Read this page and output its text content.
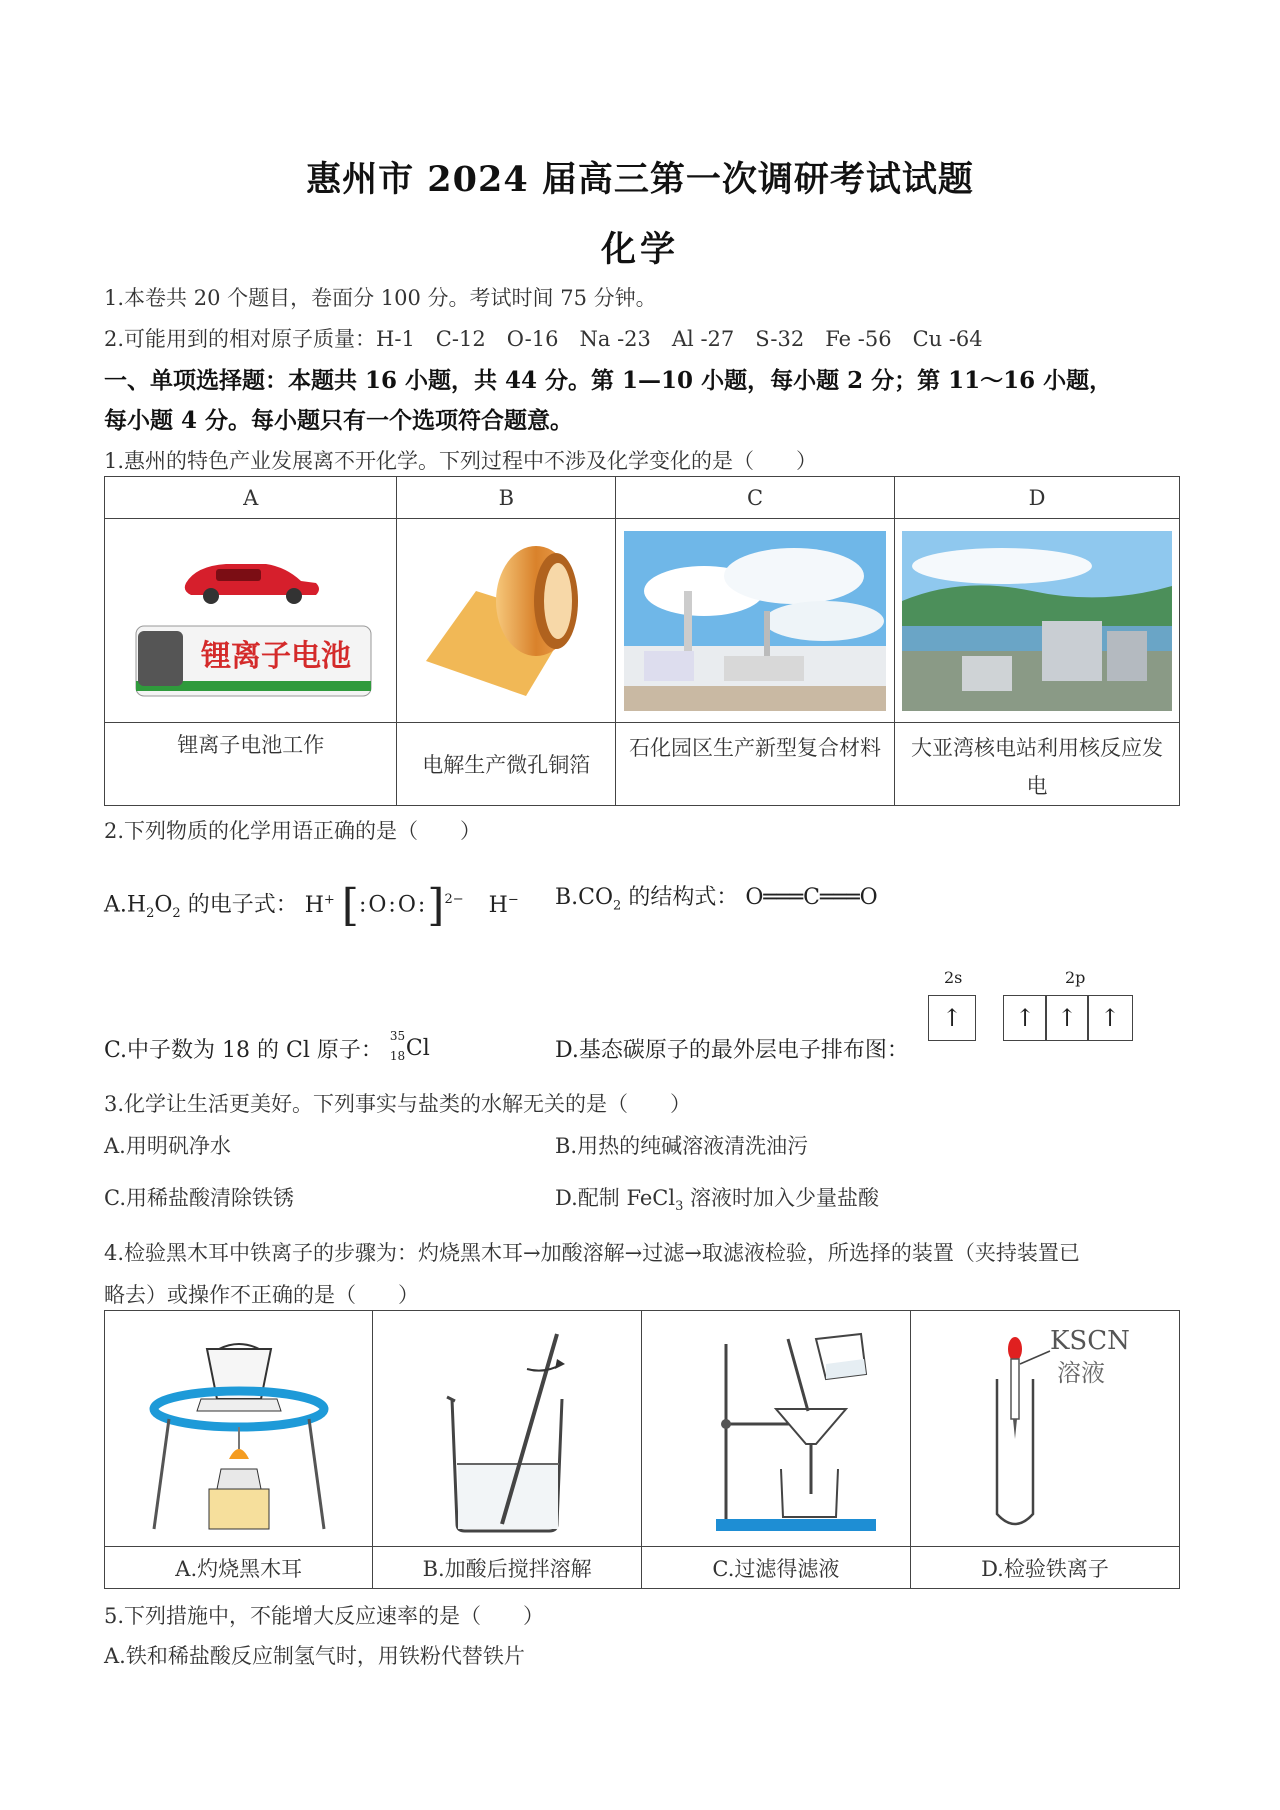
惠州市 2024 届高三第一次调研考试试题
化学
1.本卷共 20 个题目，卷面分 100 分。考试时间 75 分钟。
2.可能用到的相对原子质量：H-1　C-12　O-16　Na -23　Al -27　S-32　Fe -56　Cu -64
一、单项选择题：本题共 16 小题，共 44 分。第 1—10 小题，每小题 2 分；第 11～16 小题，
每小题 4 分。每小题只有一个选项符合题意。
1.惠州的特色产业发展离不开化学。下列过程中不涉及化学变化的是（　　）
A	B	C	D

锂离子电池

锂离子电池工作	电解生产微孔铜箔	石化园区生产新型复合材料	大亚湾核电站利用核反应发电
2.下列物质的化学用语正确的是（　　）
$A.H_2O_2$ 的电子式： H+ [:O:O:]$^{2-}$ H− $B.CO_2$ 的结构式： O═══C═══O
C.中子数为 18 的 Cl 原子：
35
18 Cl	D.基态碳原子的最外层电子排布图：
2s	2p
↑	↑ ↑ ↑
3.化学让生活更美好。下列事实与盐类的水解无关的是（　　）
A.用明矾净水	B.用热的纯碱溶液清洗油污
C.用稀盐酸清除铁锈	D.配制 FeCl$_3$ 溶液时加入少量盐酸
4.检验黑木耳中铁离子的步骤为：灼烧黑木耳→加酸溶解→过滤→取滤液检验，所选择的装置（夹持装置已
略去）或操作不正确的是（　　）

KSCN
溶液

A.灼烧黑木耳	B.加酸后搅拌溶解	C.过滤得滤液	D.检验铁离子
5.下列措施中，不能增大反应速率的是（　　）
A.铁和稀盐酸反应制氢气时，用铁粉代替铁片
